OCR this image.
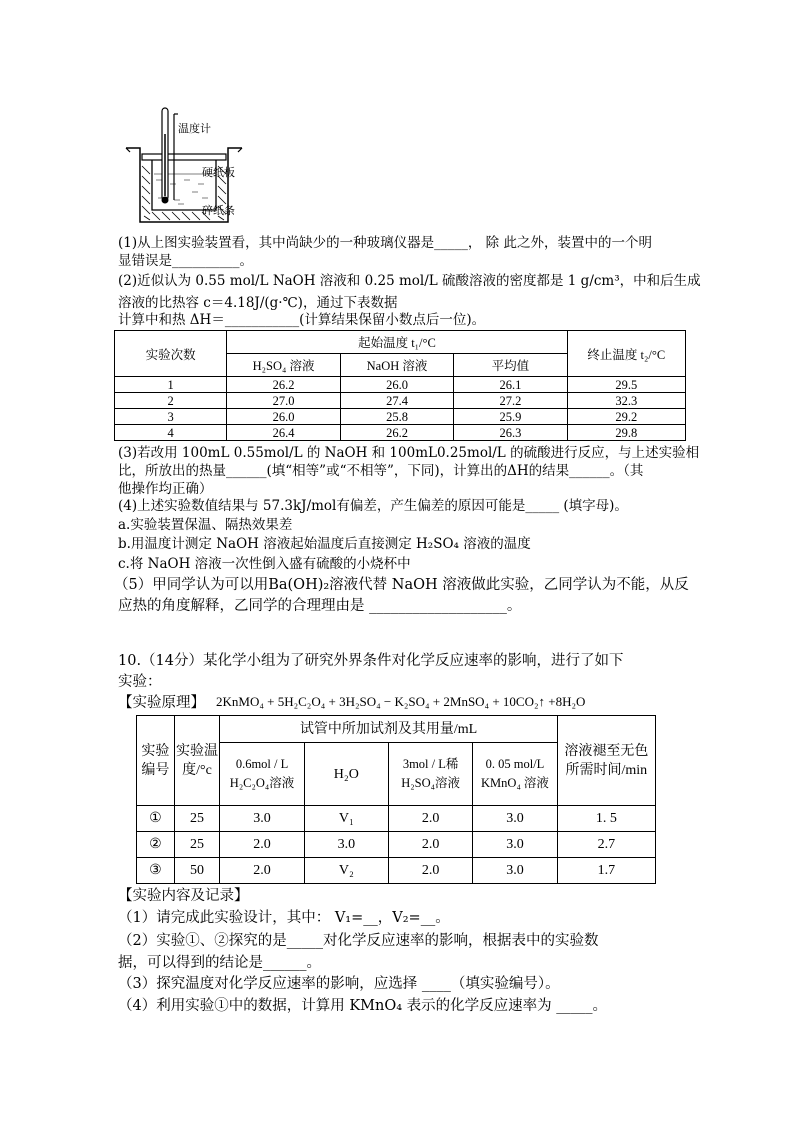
温度计
硬纸板
碎纸条
(1)从上图实验装置看，其中尚缺少的一种玻璃仪器是_____， 除 此之外，装置中的一个明
显错误是__________。
(2)近似认为 0.55 mol/L NaOH 溶液和 0.25 mol/L 硫酸溶液的密度都是 1 g/cm³，中和后生成
溶液的比热容 c＝4.18J/(g·℃)，通过下表数据
计算中和热 ΔH＝___________(计算结果保留小数点后一位)。
实验次数	起始温度 t₁/°C			终止温度 t₂/°C
	H₂SO₄ 溶液	NaOH 溶液	平均值	
1	26.2	26.0	26.1	29.5
2	27.0	27.4	27.2	32.3
3	26.0	25.8	25.9	29.2
4	26.4	26.2	26.3	29.8
(3)若改用 100mL 0.55mol/L 的 NaOH 和 100mL0.25mol/L 的硫酸进行反应，与上述实验相
比，所放出的热量______(填“相等”或“不相等”，下同)，计算出的ΔH的结果______。（其
他操作均正确）
(4)上述实验数值结果与 57.3kJ/mol有偏差，产生偏差的原因可能是_____ (填字母)。
a.实验装置保温、隔热效果差
b.用温度计测定 NaOH 溶液起始温度后直接测定 H₂SO₄ 溶液的温度
c.将 NaOH 溶液一次性倒入盛有硫酸的小烧杯中
（5）甲同学认为可以用Ba(OH)₂溶液代替 NaOH 溶液做此实验，乙同学认为不能，从反
应热的角度解释，乙同学的合理理由是 ___________________。
10.（14分）某化学小组为了研究外界条件对化学反应速率的影响，进行了如下
实验：
【实验原理】 2KnMO₄ + 5H₂C₂O₄ + 3H₂SO₄ − K₂SO₄ + 2MnSO₄ + 10CO₂↑ +8H₂O
实验编号	实验温度/°c	试管中所加试剂及其用量/mL				溶液褪至无色所需时间/min
		0.6mol / L H₂C₂O₄溶液	H₂O	3mol / L稀 H₂SO₄溶液	0. 05 mol/L KMnO₄ 溶液	
①	25	3.0	V₁	2.0	3.0	1. 5
②	25	2.0	3.0	2.0	3.0	2.7
③	50	2.0	V₂	2.0	3.0	1.7
【实验内容及记录】
（1）请完成此实验设计，其中： V₁=__，V₂=__。
（2）实验①、②探究的是_____对化学反应速率的影响，根据表中的实验数
据，可以得到的结论是______。
（3）探究温度对化学反应速率的影响，应选择 ____（填实验编号）。
（4）利用实验①中的数据，计算用 KMnO₄ 表示的化学反应速率为 _____。
